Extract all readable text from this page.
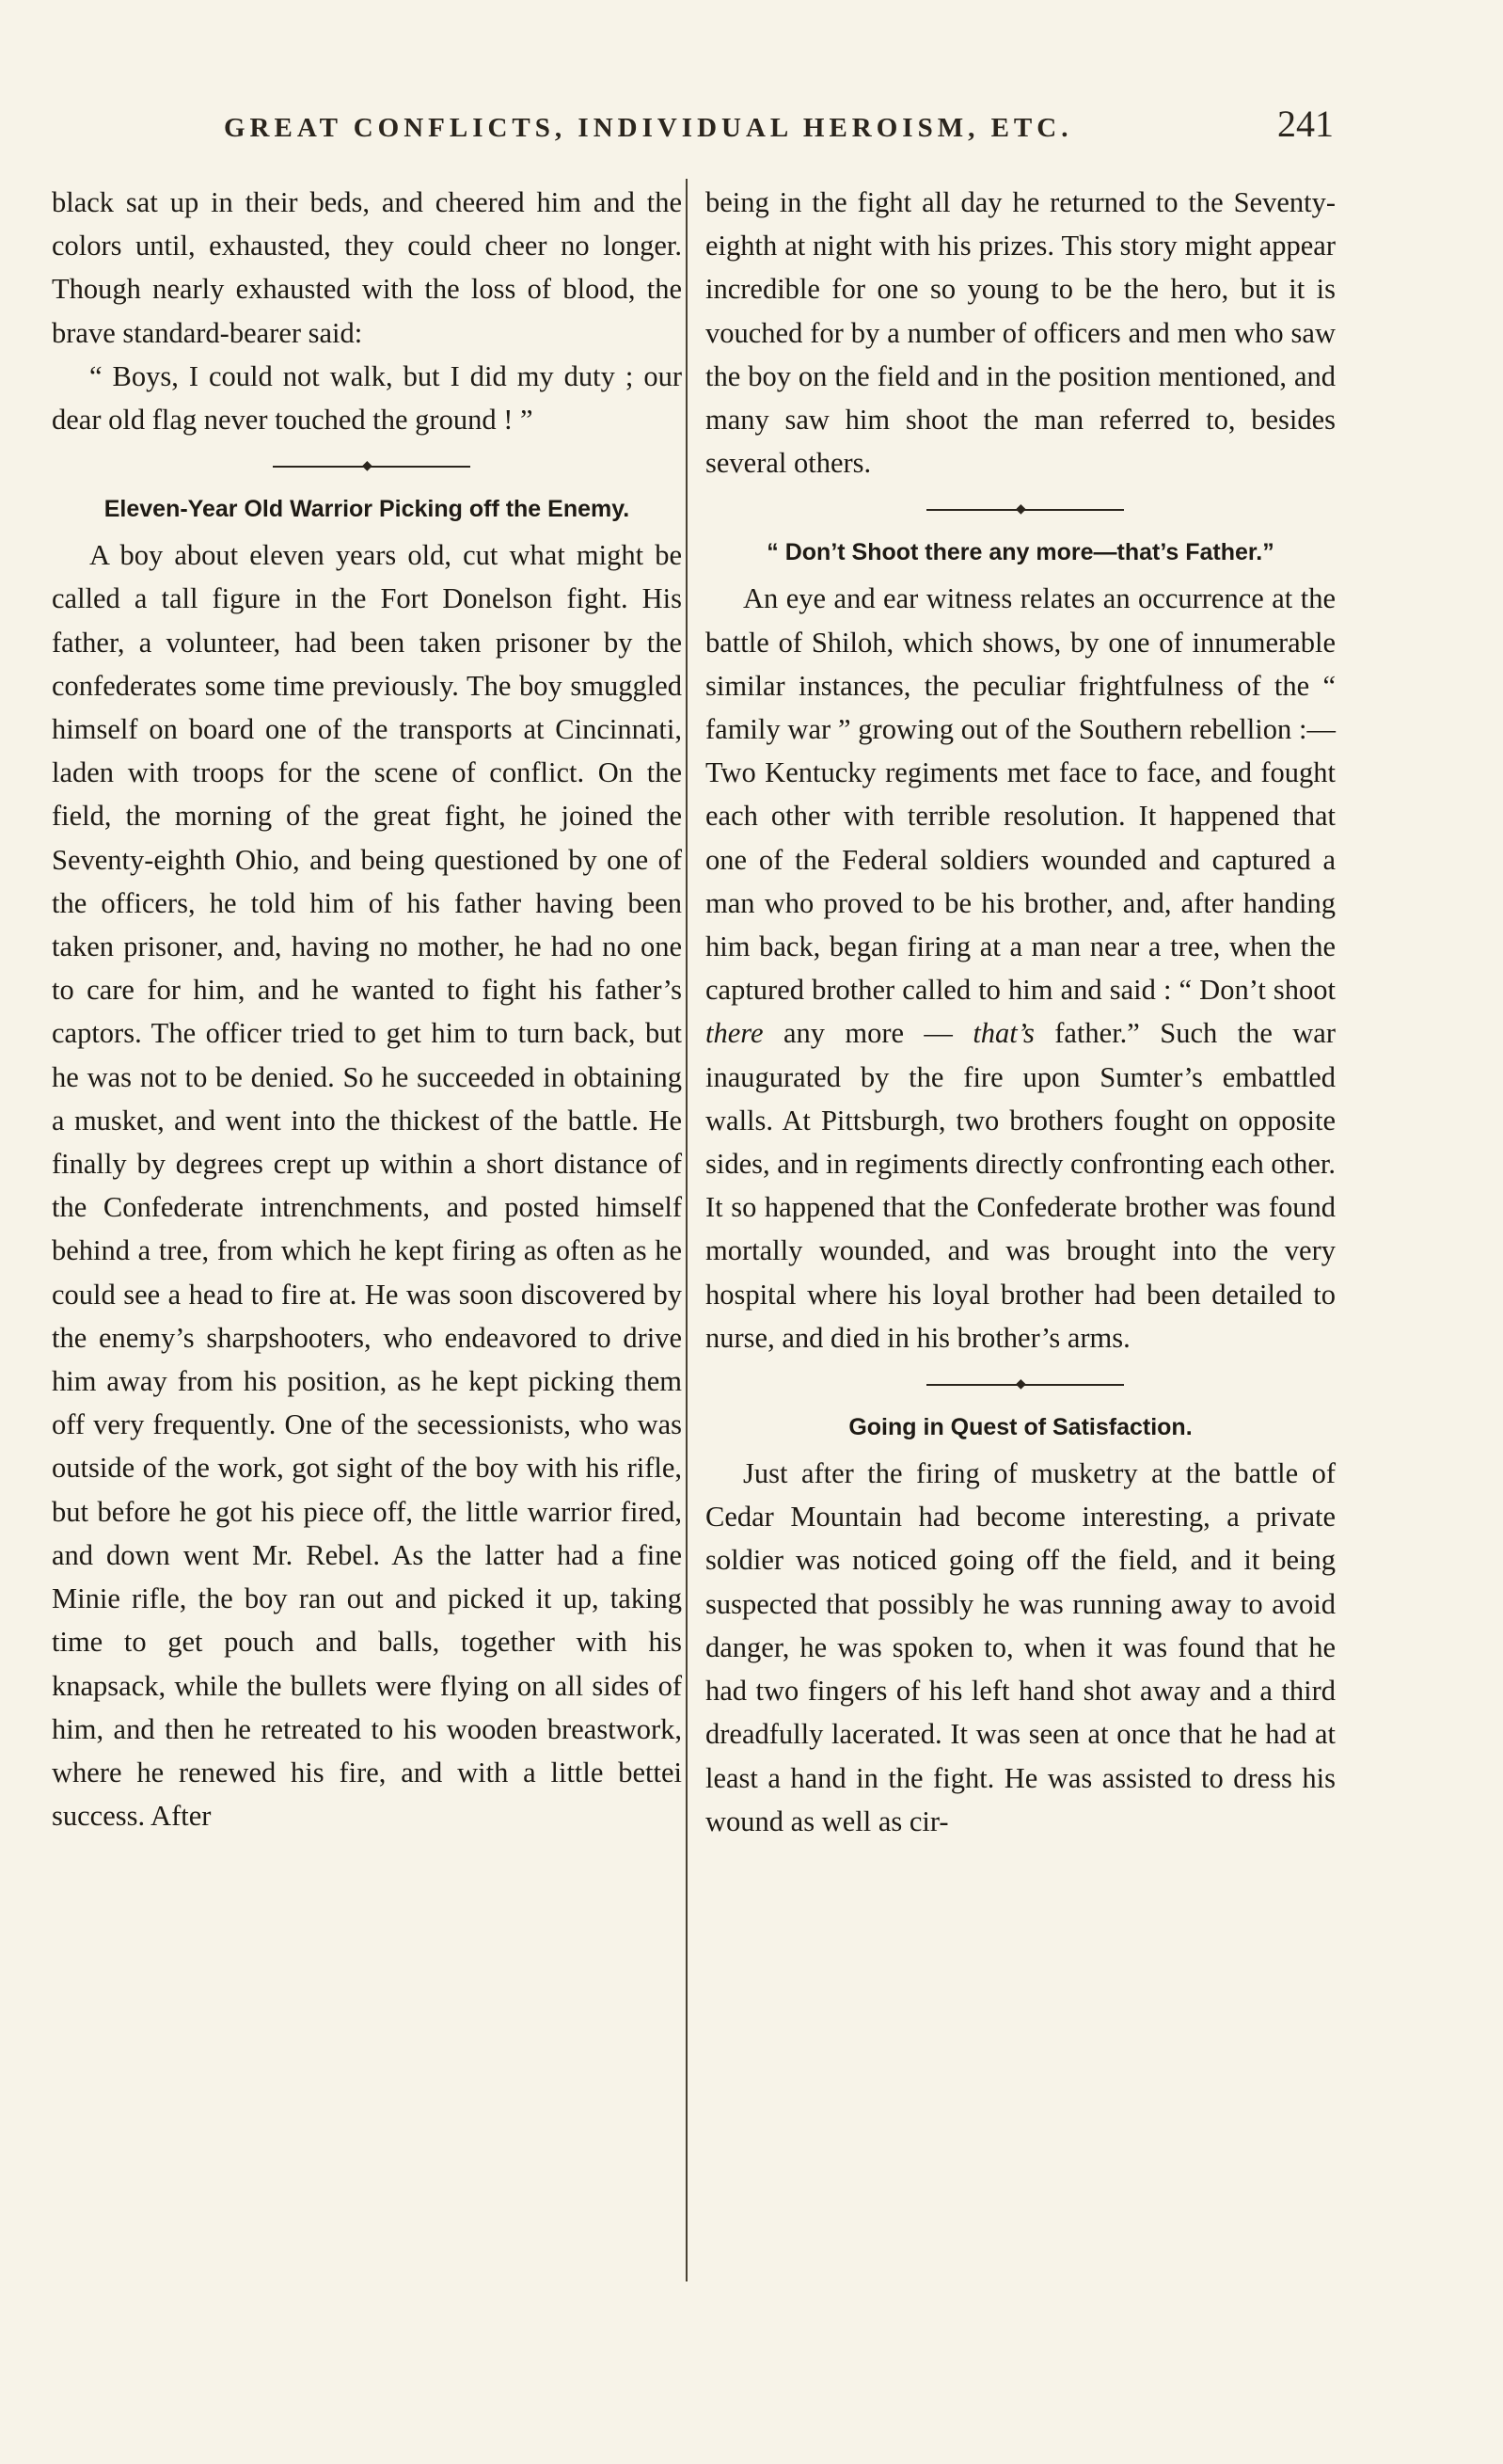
GREAT CONFLICTS, INDIVIDUAL HEROISM, ETC.	241

black sat up in their beds, and cheered him and the colors until, exhausted, they could cheer no longer. Though nearly exhausted with the loss of blood, the brave standard-bearer said:

“ Boys, I could not walk, but I did my duty ; our dear old flag never touched the ground ! ”

◆

Eleven-Year Old Warrior Picking off the Enemy.

A boy about eleven years old, cut what might be called a tall figure in the Fort Donelson fight. His father, a volunteer, had been taken prisoner by the confederates some time previously. The boy smuggled himself on board one of the transports at Cincinnati, laden with troops for the scene of conflict. On the field, the morning of the great fight, he joined the Seventy-eighth Ohio, and being questioned by one of the officers, he told him of his father having been taken prisoner, and, having no mother, he had no one to care for him, and he wanted to fight his father’s captors. The officer tried to get him to turn back, but he was not to be denied. So he succeeded in obtaining a musket, and went into the thickest of the battle. He finally by degrees crept up within a short distance of the Confederate intrenchments, and posted himself behind a tree, from which he kept firing as often as he could see a head to fire at. He was soon discovered by the enemy’s sharpshooters, who endeavored to drive him away from his position, as he kept picking them off very frequently. One of the secessionists, who was outside of the work, got sight of the boy with his rifle, but before he got his piece off, the little warrior fired, and down went Mr. Rebel. As the latter had a fine Minie rifle, the boy ran out and picked it up, taking time to get pouch and balls, together with his knapsack, while the bullets were flying on all sides of him, and then he retreated to his wooden breastwork, where he renewed his fire, and with a little bettei success. After

being in the fight all day he returned to the Seventy-eighth at night with his prizes. This story might appear incredible for one so young to be the hero, but it is vouched for by a number of officers and men who saw the boy on the field and in the position mentioned, and many saw him shoot the man referred to, besides several others.

◆

“ Don’t Shoot there any more—that’s Father.”

An eye and ear witness relates an occurrence at the battle of Shiloh, which shows, by one of innumerable similar instances, the peculiar frightfulness of the “ family war ” growing out of the Southern rebellion :—Two Kentucky regiments met face to face, and fought each other with terrible resolution. It happened that one of the Federal soldiers wounded and captured a man who proved to be his brother, and, after handing him back, began firing at a man near a tree, when the captured brother called to him and said : “ Don’t shoot there any more — that’s father.” Such the war inaugurated by the fire upon Sumter’s embattled walls. At Pittsburgh, two brothers fought on opposite sides, and in regiments directly confronting each other. It so happened that the Confederate brother was found mortally wounded, and was brought into the very hospital where his loyal brother had been detailed to nurse, and died in his brother’s arms.

◆

Going in Quest of Satisfaction.

Just after the firing of musketry at the battle of Cedar Mountain had become interesting, a private soldier was noticed going off the field, and it being suspected that possibly he was running away to avoid danger, he was spoken to, when it was found that he had two fingers of his left hand shot away and a third dreadfully lacerated. It was seen at once that he had at least a hand in the fight. He was assisted to dress his wound as well as cir-
